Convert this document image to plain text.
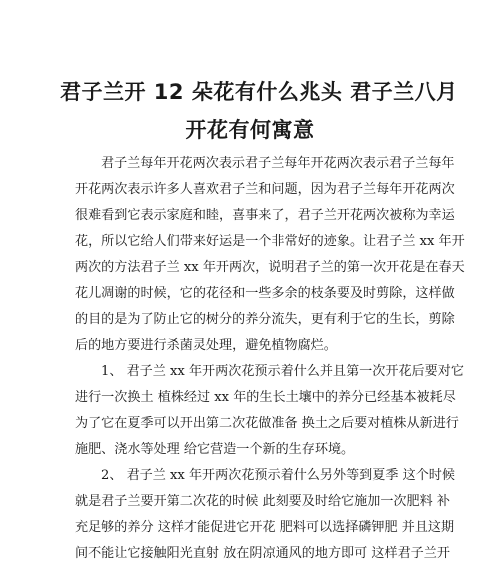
君子兰开 12 朵花有什么兆头 君子兰八月
开花有何寓意
君子兰每年开花两次表示君子兰每年开花两次表示君子兰每年
开花两次表示许多人喜欢君子兰和问题，因为君子兰每年开花两次
很难看到它表示家庭和睦，喜事来了，君子兰开花两次被称为幸运
花，所以它给人们带来好运是一个非常好的迹象。让君子兰 xx 年开
两次的方法君子兰 xx 年开两次，说明君子兰的第一次开花是在春天
花儿凋谢的时候，它的花径和一些多余的枝条要及时剪除，这样做
的目的是为了防止它的树分的养分流失，更有利于它的生长，剪除
后的地方要进行杀菌灵处理，避免植物腐烂。
1、 君子兰 xx 年开两次花预示着什么并且第一次开花后要对它
进行一次换土 植株经过 xx 年的生长土壤中的养分已经基本被耗尽
为了它在夏季可以开出第二次花做准备 换土之后要对植株从新进行
施肥、浇水等处理 给它营造一个新的生存环境。
2、 君子兰 xx 年开两次花预示着什么另外等到夏季 这个时候
就是君子兰要开第二次花的时候 此刻要及时给它施加一次肥料 补
充足够的养分 这样才能促进它开花 肥料可以选择磷钾肥 并且这期
间不能让它接触阳光直射 放在阴凉通风的地方即可 这样君子兰开
